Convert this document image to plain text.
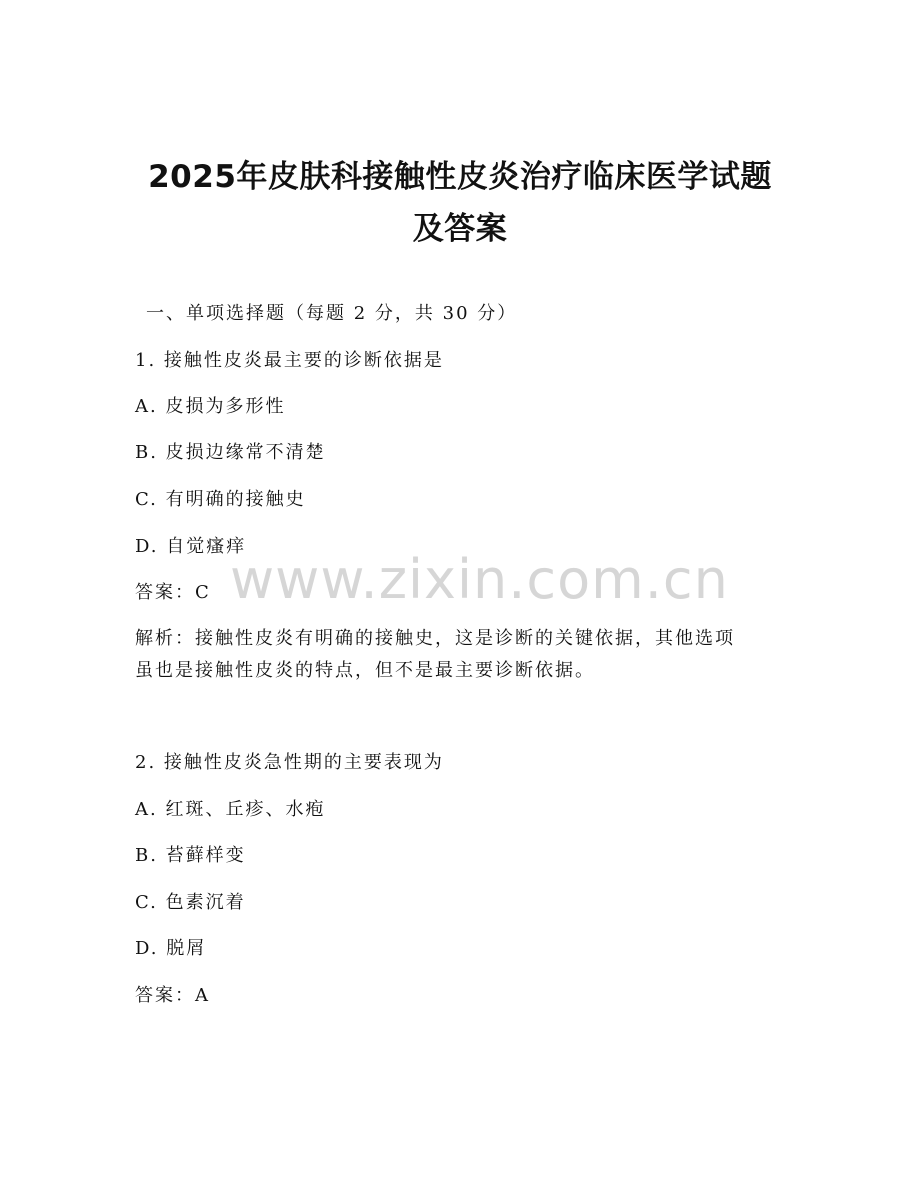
2025年皮肤科接触性皮炎治疗临床医学试题
及答案
一、单项选择题（每题 2 分，共 30 分）
1. 接触性皮炎最主要的诊断依据是
A. 皮损为多形性
B. 皮损边缘常不清楚
C. 有明确的接触史
D. 自觉瘙痒
答案：C
解析：接触性皮炎有明确的接触史，这是诊断的关键依据，其他选项
虽也是接触性皮炎的特点，但不是最主要诊断依据。
2. 接触性皮炎急性期的主要表现为
A. 红斑、丘疹、水疱
B. 苔藓样变
C. 色素沉着
D. 脱屑
答案：A
www.zixin.com.cn
